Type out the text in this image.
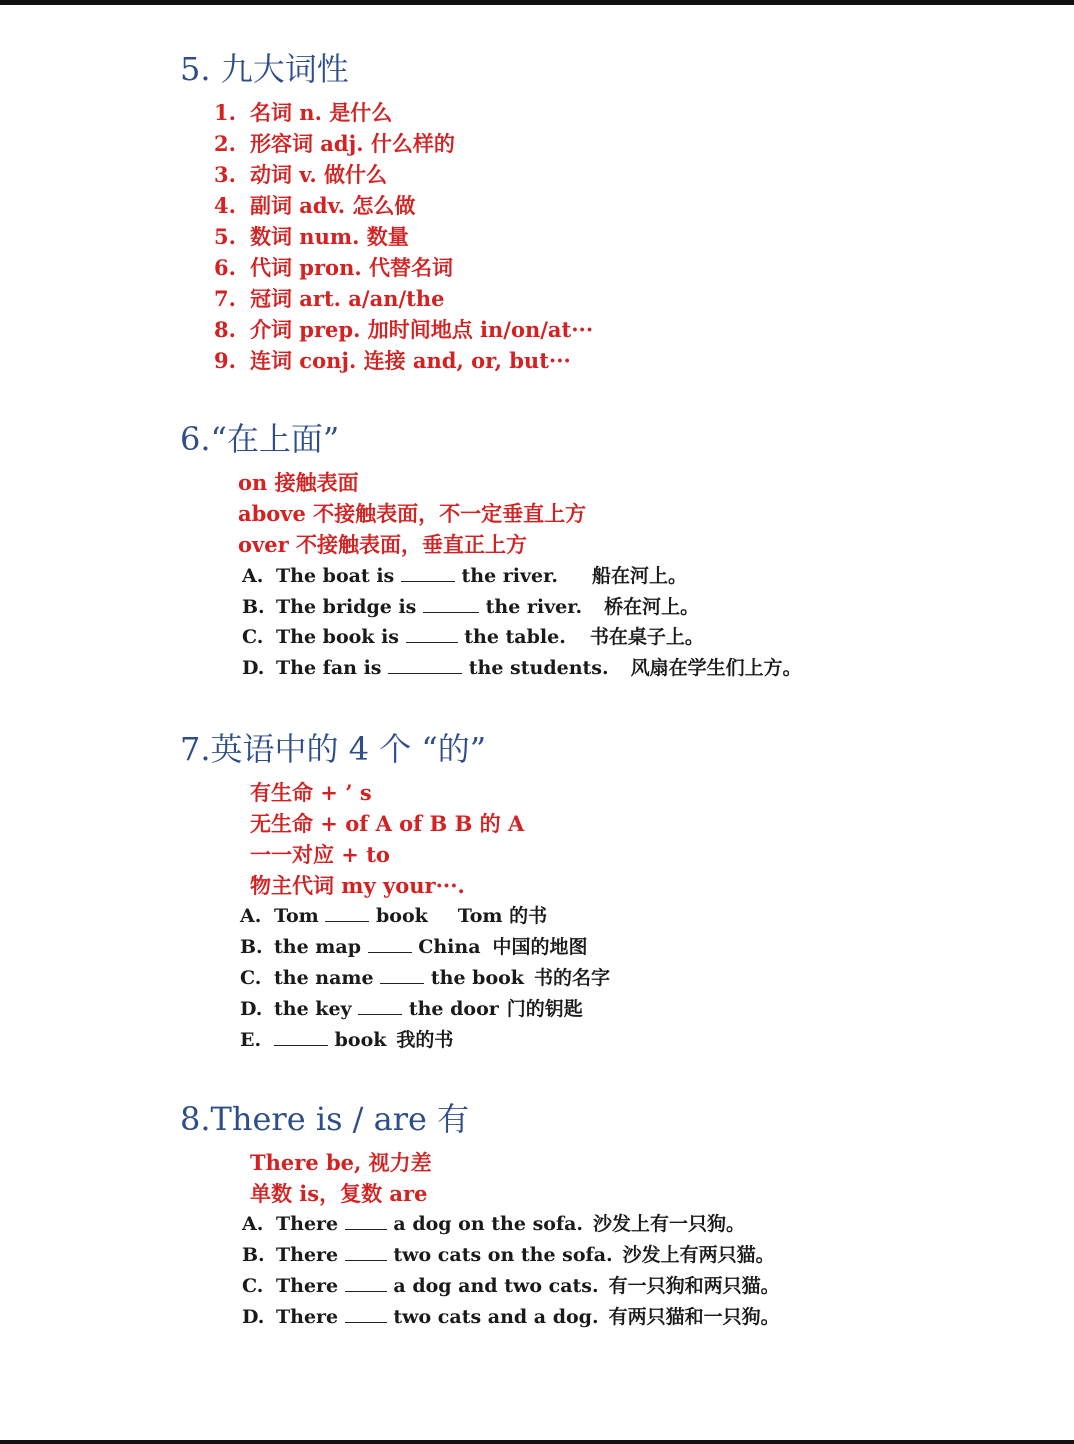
5. 九大词性
1. 名词 n. 是什么
2. 形容词 adj. 什么样的
3. 动词 v. 做什么
4. 副词 adv. 怎么做
5. 数词 num. 数量
6. 代词 pron. 代替名词
7. 冠词 art. a/an/the
8. 介词 prep. 加时间地点 in/on/at···
9. 连词 conj. 连接 and, or, but···
6.“在上面”
on 接触表面
above 不接触表面，不一定垂直上方
over 不接触表面，垂直正上方
A. The boat is	the river. 船在河上。
B. The bridge is	the river. 桥在河上。
C. The book is	the table. 书在桌子上。
D. The fan is	the students. 风扇在学生们上方。
7.英语中的 4 个 “的”
有生命 + ’ s
无生命 + of A of B B 的 A
一一对应 + to
物主代词 my your···.
A. Tom	book Tom 的书
B. the map	China 中国的地图
C. the name	the book 书的名字
D. the key	the door 门的钥匙
E.	book 我的书
8.There is / are 有
There be, 视力差
单数 is，复数 are
A. There	a dog on the sofa. 沙发上有一只狗。
B. There	two cats on the sofa. 沙发上有两只猫。
C. There	a dog and two cats. 有一只狗和两只猫。
D. There	two cats and a dog. 有两只猫和一只狗。
